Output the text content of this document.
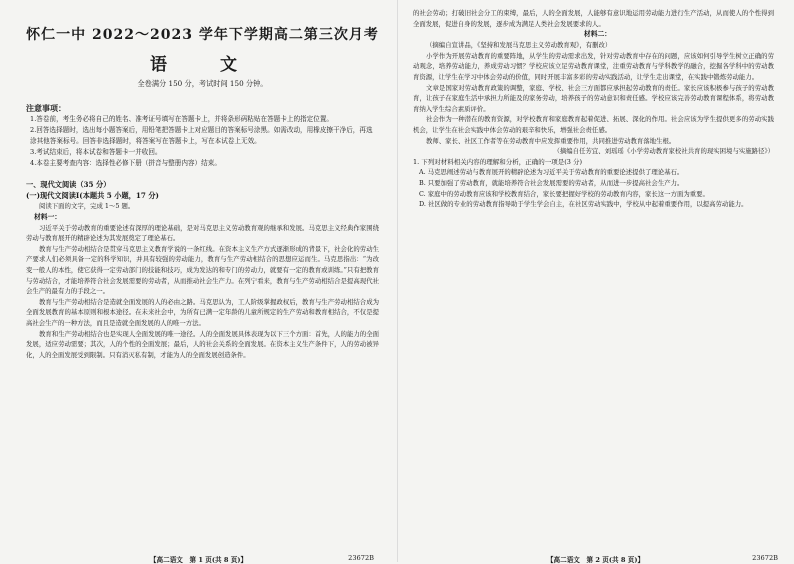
怀仁一中 2022～2023 学年下学期高二第三次月考
语　文
全卷满分 150 分，考试时间 150 分钟。
注意事项：
1.答卷前，考生务必将自己的姓名、准考证号填写在答题卡上，并将条形码粘贴在答题卡上的指定位置。
2.回答选择题时，选出每小题答案后，用铅笔把答题卡上对应题目的答案标号涂黑。如需改动，用橡皮擦干净后，再选涂其他答案标号。回答非选择题时，将答案写在答题卡上，写在本试卷上无效。
3.考试结束后，将本试卷和答题卡一并收回。
4.本卷主要考查内容：选择性必修下册（拼音与整册内容）结束。
一、现代文阅读（35 分）
(一)现代文阅读Ⅰ(本题共 5 小题，17 分)
阅读下面的文字，完成 1～5 题。
材料一：
习近平关于劳动教育的重要论述有深厚的理论基础，是对马克思主义劳动教育观的继承和发展。马克思主义经典作家围绕劳动与教育展开的精辟论述为其发展奠定了理论基石。
教育与生产劳动相结合是贯穿马克思主义教育学说的一条红线。在资本主义生产方式逐渐形成的背景下，社会化的劳动生产要求人们必须具备一定的科学知识，并具有较强的劳动能力，教育与生产劳动相结合的思想应运而生。马克思指出：“为改变一般人的本性，使它获得一定劳动部门的技能和技巧，成为发达的和专门的劳动力，就要有一定的教育或训练。”只有把教育与劳动结合，才能培养符合社会发展需要的劳动者，从而推动社会生产力。在列宁看来，教育与生产劳动相结合是提高现代社会生产的最有力的手段之一。
教育与生产劳动相结合是造就全面发展的人的必由之路。马克思认为，工人阶级掌握政权后，教育与生产劳动相结合成为全面发展教育的基本原则和根本途径。在未来社会中，为所有已满一定年龄的儿童所规定的生产劳动和教育相结合，不仅是提高社会生产的一种方法，而且是造就全面发展的人的唯一方法。
教育和生产劳动相结合也是实现人全面发展的唯一途径。人的全面发展具体表现为以下三个方面：首先，人的能力的全面发展，适应劳动需要；其次，人的个性的全面发展；最后，人的社会关系的全面发展。在资本主义生产条件下，人的劳动被异化，人的全面发展受到限制。只有消灭私有制，才能为人的全面发展创造条件。
的社会劳动；打破旧社会分工的束缚，最后，人的全面发展，人能够有意识地运用劳动能力进行生产活动，从而使人的个性得到全面发展，促进自身的发展，逐步成为满足人类社会发展要求的人。
材料二：
（摘编自宣讲品，《坚持和发展马克思主义劳动教育观》，有删改）
小学作为开展劳动教育的重要阵地，从学生的劳动需求出发，针对劳动教育中存在的问题，应该如何引导学生树立正确的劳动观念，培养劳动能力，养成劳动习惯？学校应该立足劳动教育课堂，注重劳动教育与学科教学的融合，挖掘各学科中的劳动教育资源，让学生在学习中体会劳动的价值，同时开展丰富多彩的劳动实践活动，让学生走出课堂，在实践中锻炼劳动能力。
文章是国家对劳动教育政策的调整，家庭、学校、社会三方面都应承担起劳动教育的责任。家长应该积极参与孩子的劳动教育，让孩子在家庭生活中承担力所能及的家务劳动，培养孩子的劳动意识和责任感。学校应该完善劳动教育课程体系，将劳动教育纳入学生综合素质评价。
社会作为一种潜在的教育资源，对学校教育和家庭教育起着促进、拓展、深化的作用。社会应该为学生提供更多的劳动实践机会，让学生在社会实践中体会劳动的艰辛和快乐，增强社会责任感。
教师、家长、社区工作者等在劳动教育中应发挥重要作用，共同推进劳动教育落地生根。
（摘编自任芳宜、刘瑶瑶《小学劳动教育家校社共育的现实困境与实施路径》）
1. 下列对材料相关内容的理解和分析，正确的一项是(3 分)
A. 马克思阐述劳动与教育展开的精辟论述为习近平关于劳动教育的重要论述提供了理论基石。
B. 只要加强了劳动教育，就能培养符合社会发展需要的劳动者，从而进一步提高社会生产力。
C. 家庭中的劳动教育应该和学校教育结合，家长要把握好学校的劳动教育内容，家长这一方面为重要。
D. 社区做的专业的劳动教育指导助于学生学会自主，在社区劳动实践中，学校从中起着重要作用，以提高劳动能力。
【高二语文　第 1 页(共 8 页)】	23672B	【高二语文　第 2 页(共 8 页)】	23672B
